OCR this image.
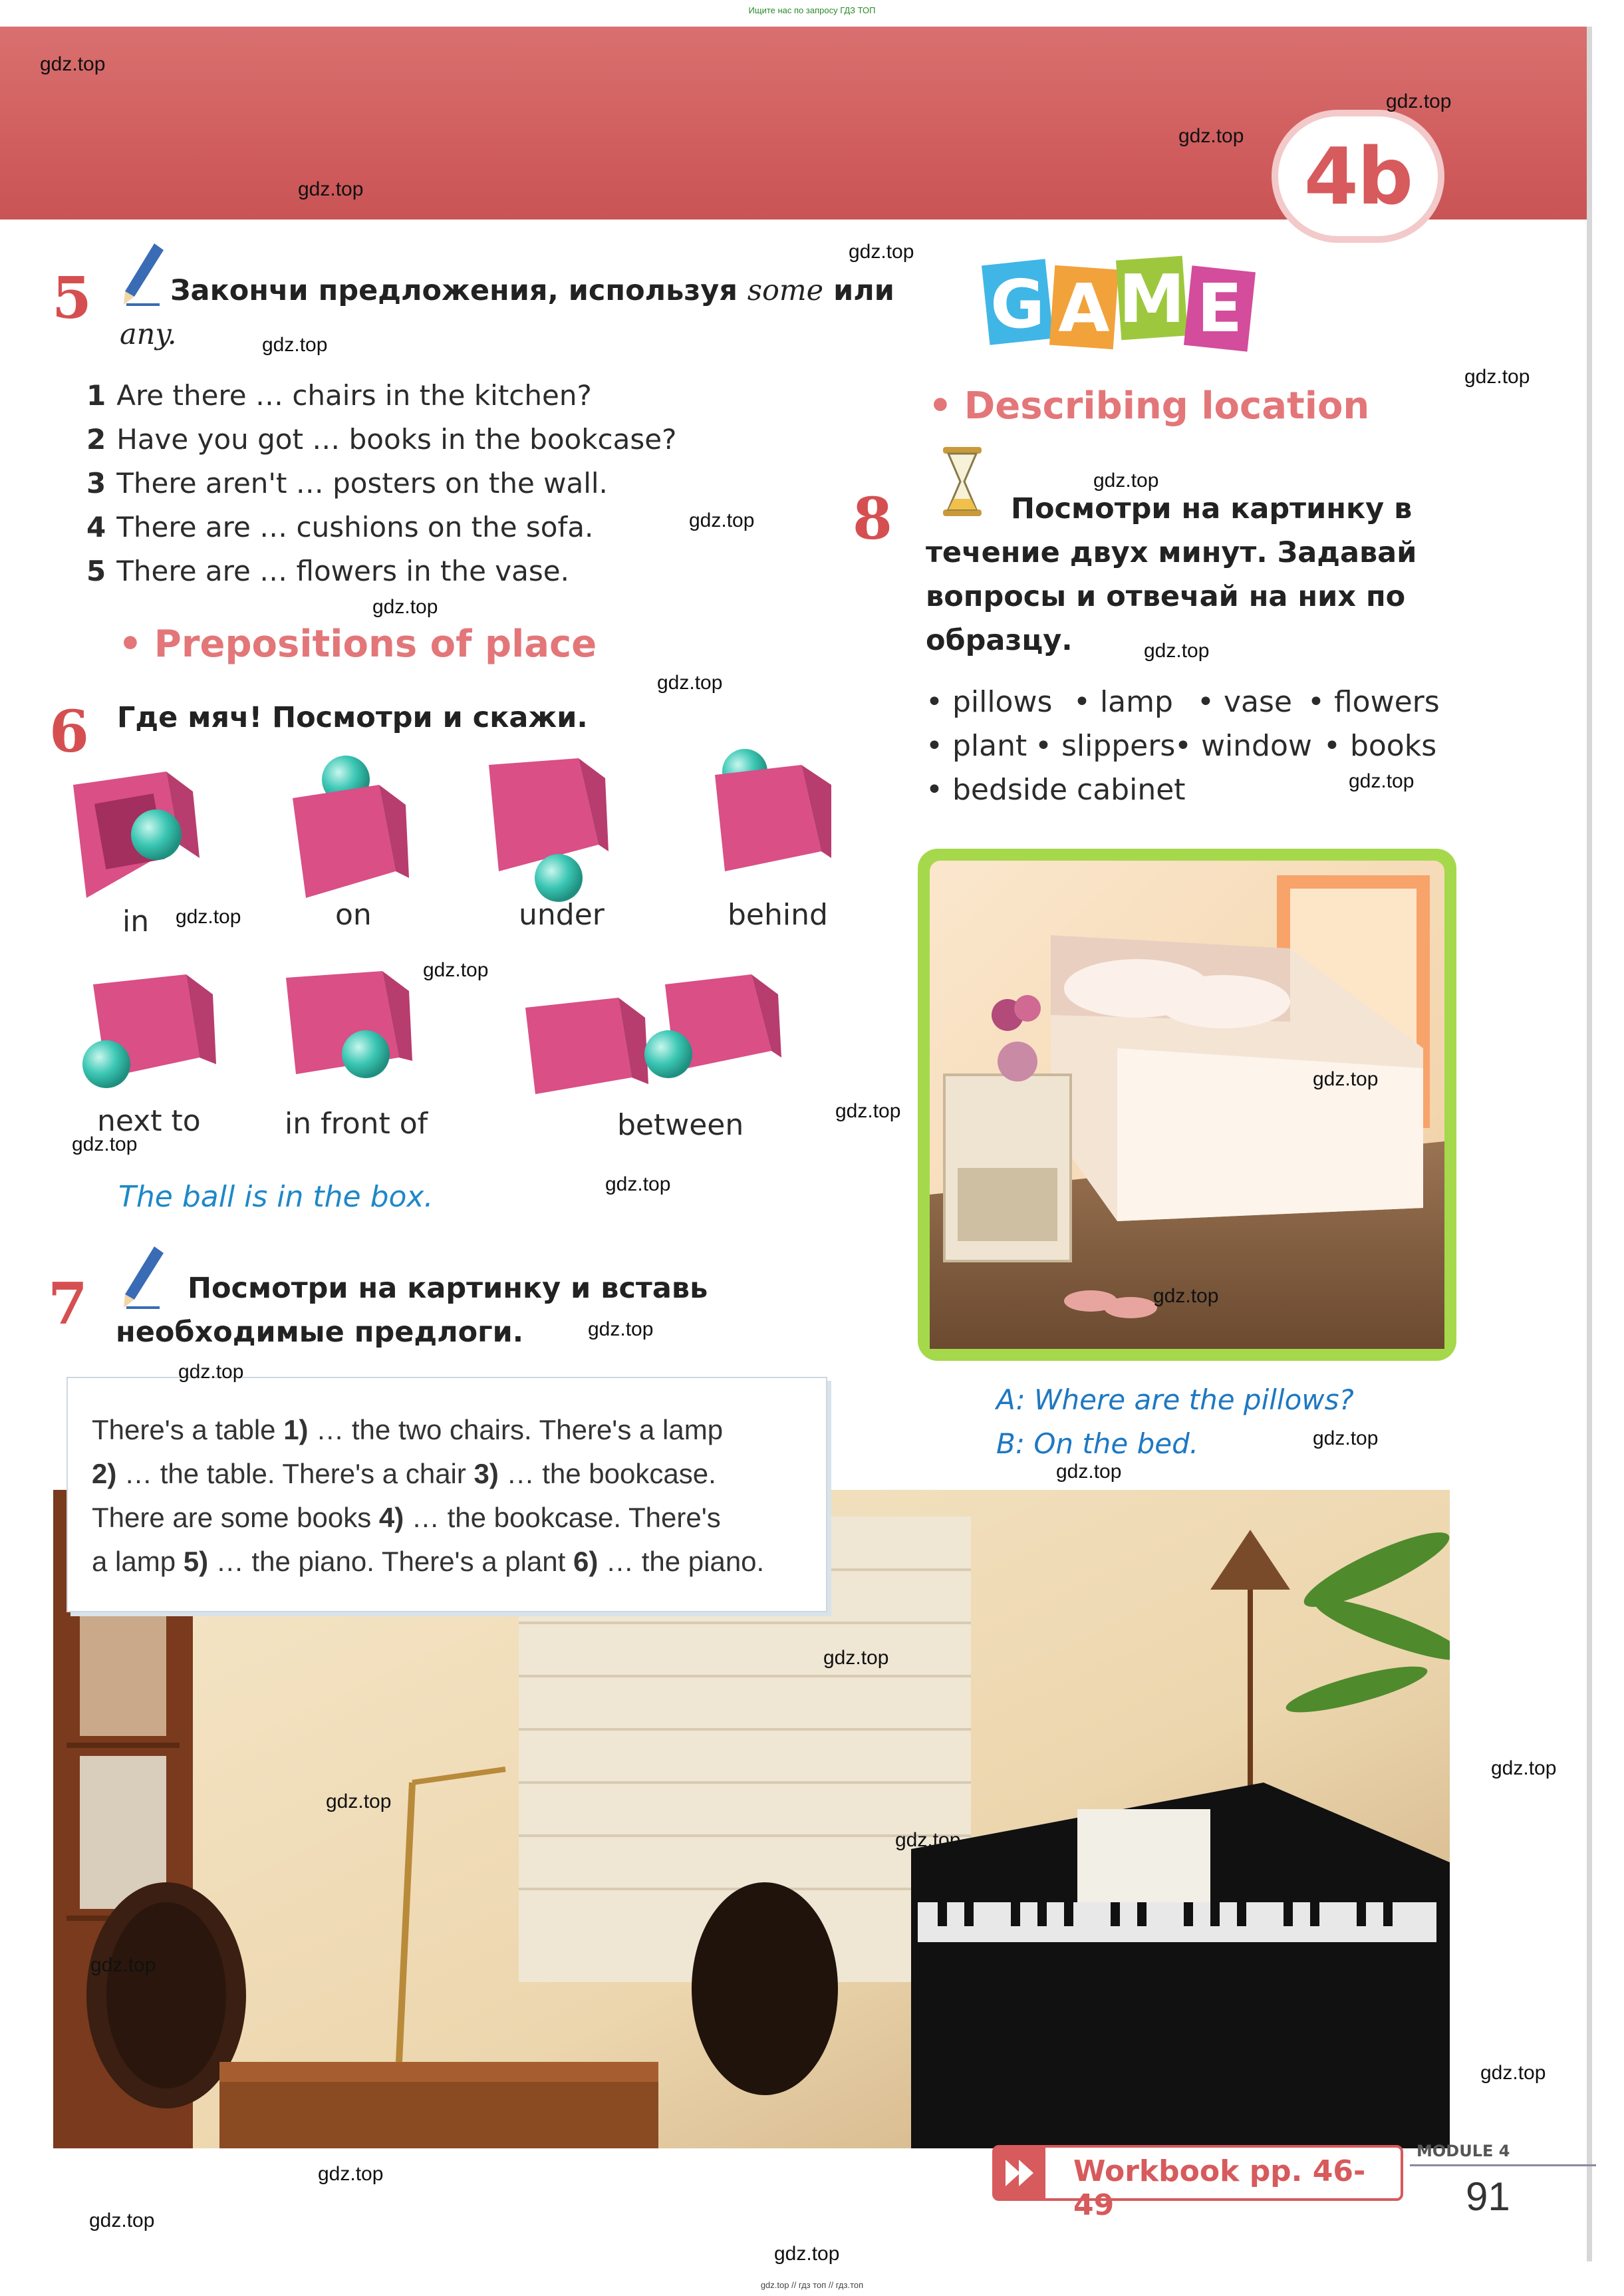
Ищите нас по запросу ГДЗ ТОП
gdz.top // гдз топ // гдз.топ
4b
5	Закончи предложения, используя some или
any.
1 Are there … chairs in the kitchen?
2 Have you got … books in the bookcase?
3 There aren't … posters on the wall.
4 There are … cushions on the sofa.
5 There are … flowers in the vase.
• Prepositions of place
6 Где мяч! Посмотри и скажи.
in	on	under	behind
next to	in front of	between
The ball is in the box.
7	Посмотри на картинку и вставь
необходимые предлоги.
There's a table 1) … the two chairs. There's a lamp
2) … the table. There's a chair 3) … the bookcase.
There are some books 4) … the bookcase. There's
a lamp 5) … the piano. There's a plant 6) … the piano.
G A M E
• Describing location
8	Посмотри на картинку в
течение двух минут. Задавай
вопросы и отвечай на них по
образцу.
• pillows • lamp • vase • flowers
• plant • slippers
• window • books
• bedside cabinet
A: Where are the pillows?
B: On the bed.
Workbook pp. 46-49
MODULE 4
91
gdz.top
gdz.top
gdz.top
gdz.top
gdz.top
gdz.top
gdz.top
gdz.top
gdz.top
gdz.top
gdz.top
gdz.top
gdz.top
gdz.top
gdz.top
gdz.top
gdz.top
gdz.top
gdz.top
gdz.top
gdz.top
gdz.top
gdz.top
gdz.top
gdz.top
gdz.top
gdz.top
gdz.top
gdz.top
gdz.top
gdz.top
gdz.top
gdz.top
gdz.top
gdz.top
